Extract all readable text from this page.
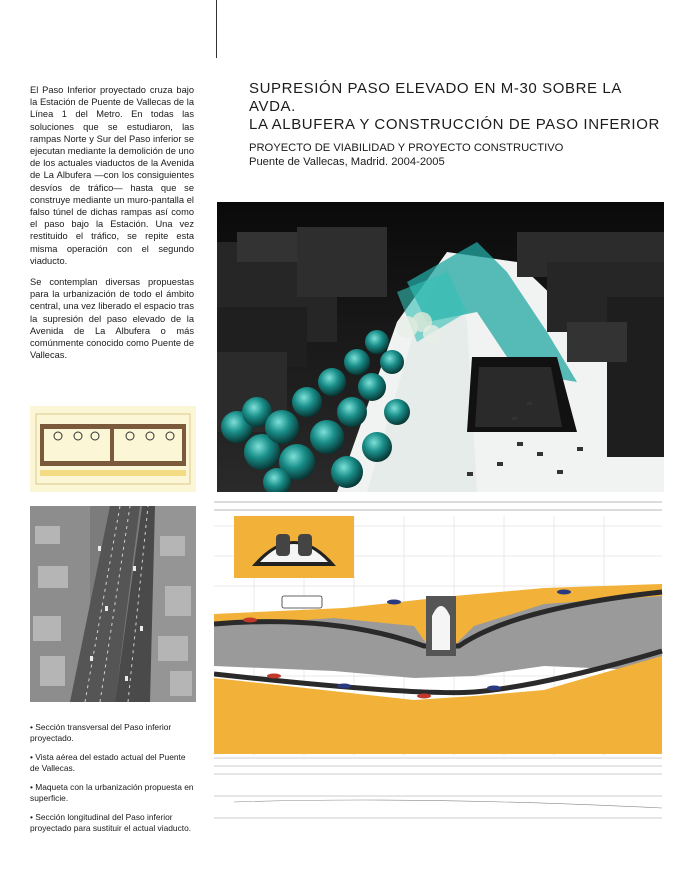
El Paso Inferior proyectado cruza bajo la Estación de Puente de Vallecas de la Línea 1 del Metro. En todas las soluciones que se estudiaron, las rampas Norte y Sur del Paso inferior se ejecutan mediante la demolición de uno de los actuales viaductos de la Avenida de La Albufera —con los consiguientes desvíos de tráfico— hasta que se construye mediante un muro-pantalla el falso túnel de dichas rampas así como el paso bajo la Estación. Una vez restituido el tráfico, se repite esta misma operación con el segundo viaducto.

Se contemplan diversas propuestas para la urbanización de todo el ámbito central, una vez liberado el espacio tras la supresión del paso elevado de la Avenida de La Albufera o más comúnmente conocido como Puente de Vallecas.

SUPRESIÓN PASO ELEVADO EN M-30 SOBRE LA AVDA.
LA ALBUFERA Y CONSTRUCCIÓN DE PASO INFERIOR
PROYECTO DE VIABILIDAD Y PROYECTO CONSTRUCTIVO
Puente de Vallecas, Madrid. 2004-2005
• Sección transversal del Paso inferior proyectado.
• Vista aérea del estado actual del Puente de Vallecas.
• Maqueta con la urbanización propuesta en superficie.
• Sección longitudinal del Paso inferior proyectado para sustituir el actual viaducto.
